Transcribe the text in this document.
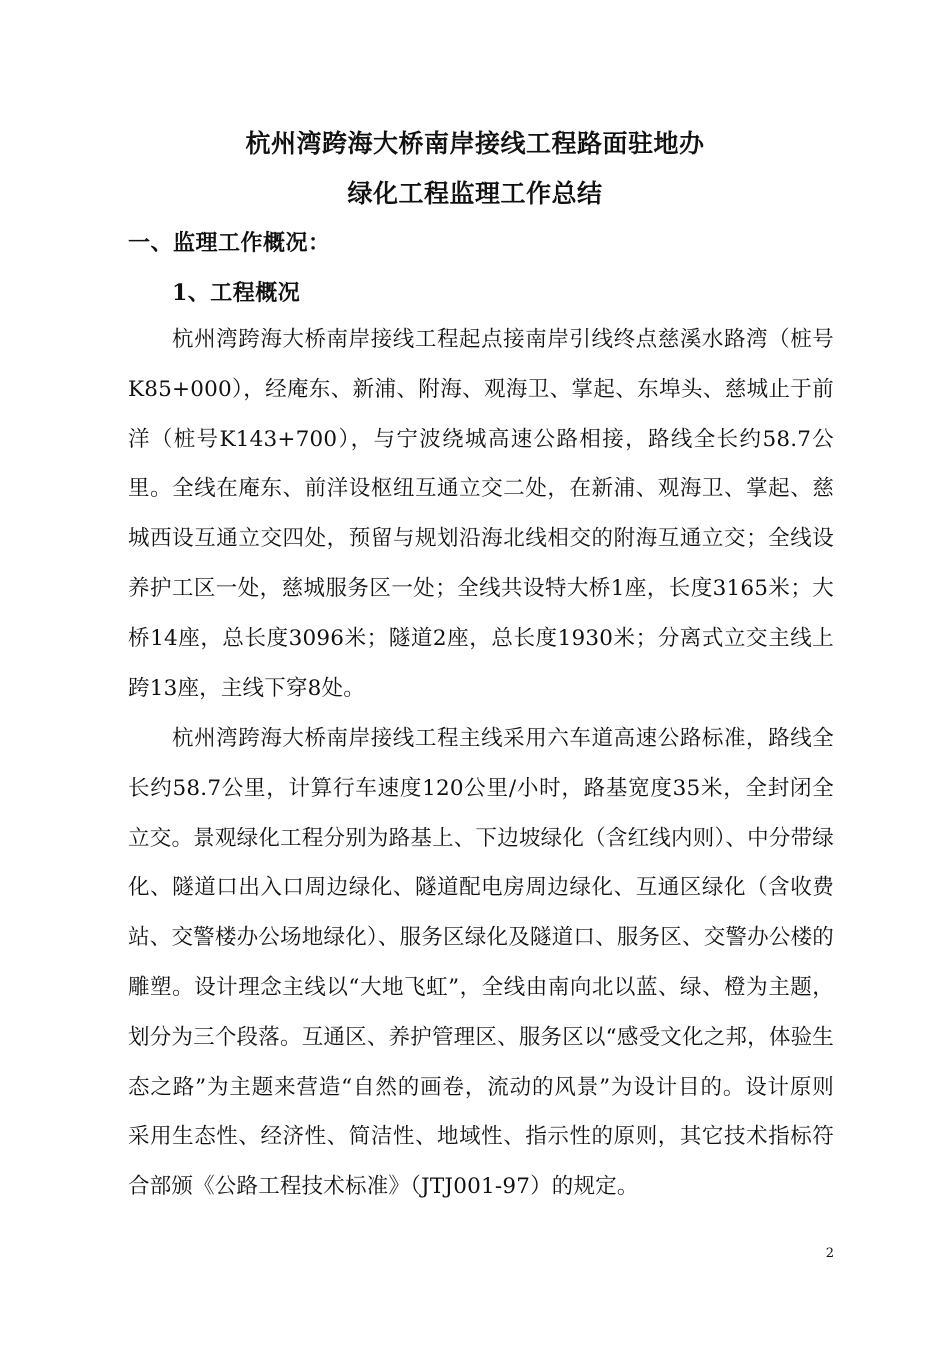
杭州湾跨海大桥南岸接线工程路面驻地办
绿化工程监理工作总结
一、监理工作概况：
1、工程概况

杭州湾跨海大桥南岸接线工程起点接南岸引线终点慈溪水路湾（桩号K85+000），经庵东、新浦、附海、观海卫、掌起、东埠头、慈城止于前洋（桩号K143+700），与宁波绕城高速公路相接，路线全长约58.7公里。全线在庵东、前洋设枢纽互通立交二处，在新浦、观海卫、掌起、慈城西设互通立交四处，预留与规划沿海北线相交的附海互通立交；全线设养护工区一处，慈城服务区一处；全线共设特大桥1座，长度3165米；大桥14座，总长度3096米；隧道2座，总长度1930米；分离式立交主线上跨13座，主线下穿8处。

杭州湾跨海大桥南岸接线工程主线采用六车道高速公路标准，路线全长约58.7公里，计算行车速度120公里/小时，路基宽度35米，全封闭全立交。景观绿化工程分别为路基上、下边坡绿化（含红线内则）、中分带绿化、隧道口出入口周边绿化、隧道配电房周边绿化、互通区绿化（含收费站、交警楼办公场地绿化）、服务区绿化及隧道口、服务区、交警办公楼的雕塑。设计理念主线以“大地飞虹”，全线由南向北以蓝、绿、橙为主题，划分为三个段落。互通区、养护管理区、服务区以“感受文化之邦，体验生态之路”为主题来营造“自然的画卷，流动的风景”为设计目的。设计原则采用生态性、经济性、简洁性、地域性、指示性的原则，其它技术指标符合部颁《公路工程技术标准》（JTJ001-97）的规定。

2
